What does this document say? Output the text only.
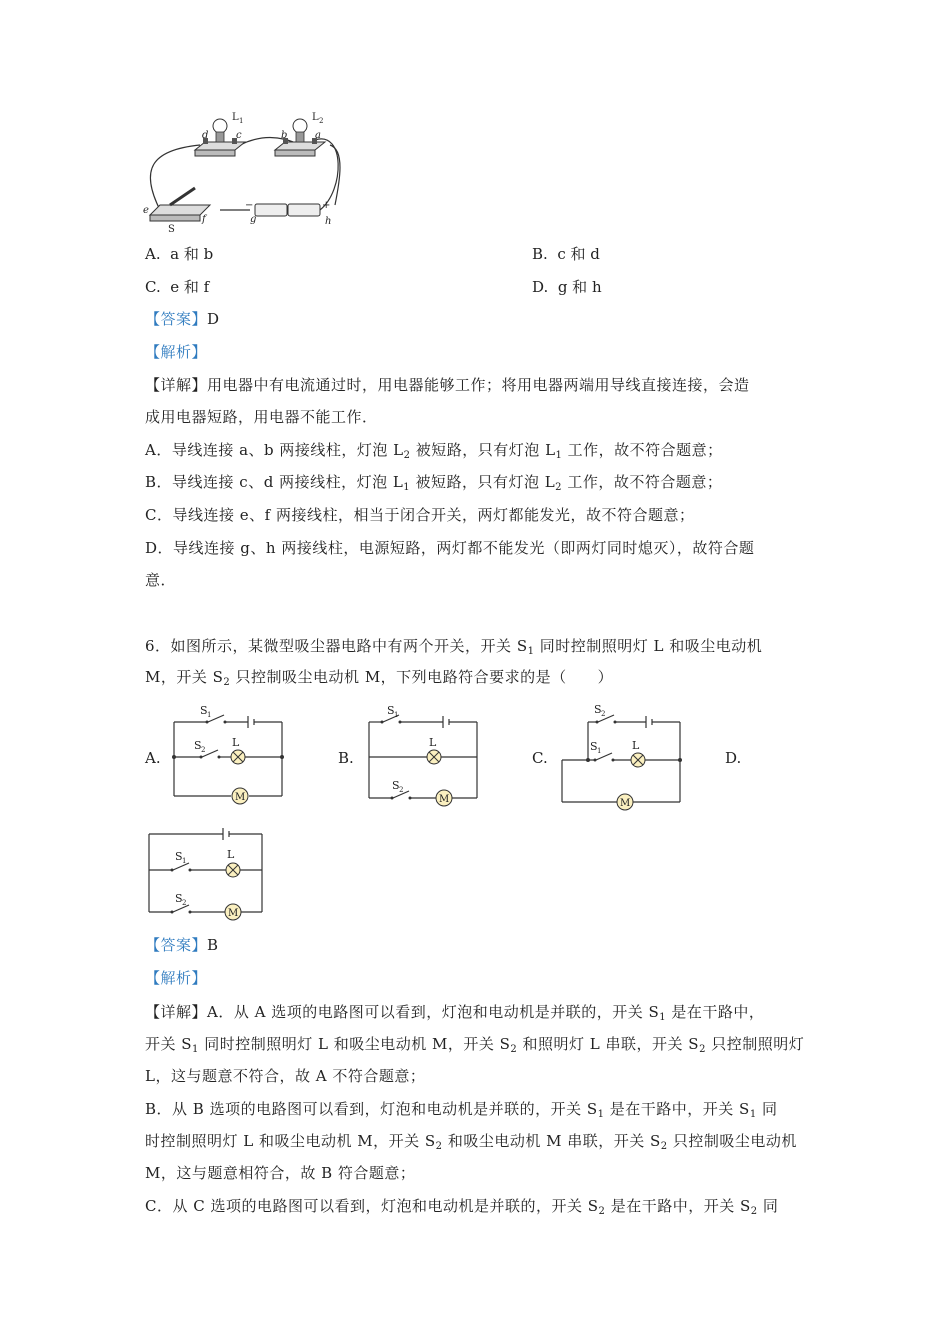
L 1	L 2
d	c	b	a
e
f
S
g	h
−	+
A. a 和 b	B. c 和 d
C. e 和 f	D. g 和 h
【答案】D
【解析】
【详解】用电器中有电流通过时，用电器能够工作；将用电器两端用导线直接连接，会造
成用电器短路，用电器不能工作．
A．导线连接 a、b 两接线柱，灯泡 $L_2$ 被短路，只有灯泡 $L_1$ 工作，故不符合题意；
B．导线连接 c、d 两接线柱，灯泡 $L_1$ 被短路，只有灯泡 $L_2$ 工作，故不符合题意；
C．导线连接 e、f 两接线柱，相当于闭合开关，两灯都能发光，故不符合题意；
D．导线连接 g、h 两接线柱，电源短路，两灯都不能发光（即两灯同时熄灭），故符合题
意．
6．如图所示，某微型吸尘器电路中有两个开关，开关 $S_1$ 同时控制照明灯 L 和吸尘电动机
M，开关 $S_2$ 只控制吸尘电动机 M，下列电路符合要求的是（　　）
A.	B.	C.	D.
M
S 1
S 2
L
M
S 1
L
S 2
M
S 2
S 1	L
M
S 1	L
S 2
【答案】B
【解析】
【详解】A．从 A 选项的电路图可以看到，灯泡和电动机是并联的，开关 $S_1$ 是在干路中，
开关 $S_1$ 同时控制照明灯 L 和吸尘电动机 M，开关 $S_2$ 和照明灯 L 串联，开关 $S_2$ 只控制照明灯
L，这与题意不符合，故 A 不符合题意；
B．从 B 选项的电路图可以看到，灯泡和电动机是并联的，开关 $S_1$ 是在干路中，开关 $S_1$ 同
时控制照明灯 L 和吸尘电动机 M，开关 $S_2$ 和吸尘电动机 M 串联，开关 $S_2$ 只控制吸尘电动机
M，这与题意相符合，故 B 符合题意；
C．从 C 选项的电路图可以看到，灯泡和电动机是并联的，开关 $S_2$ 是在干路中，开关 $S_2$ 同
